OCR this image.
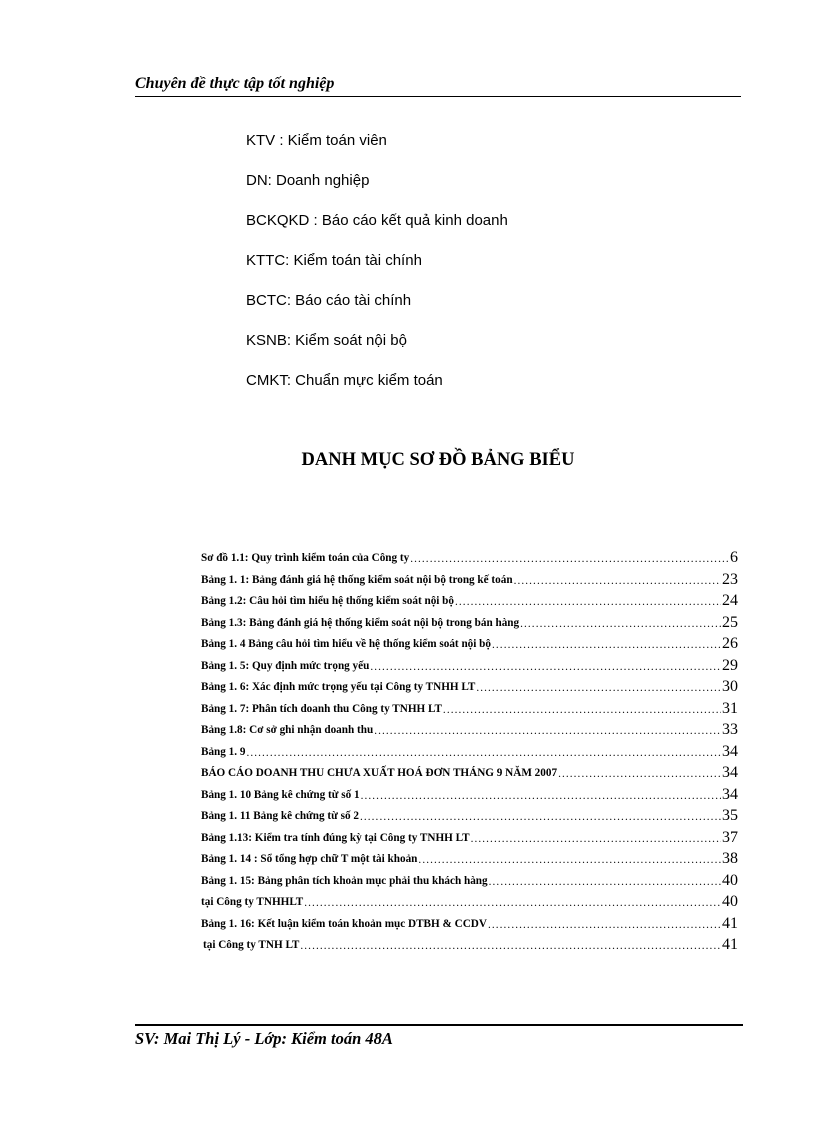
Chuyên đề thực tập tốt nghiệp
KTV : Kiểm toán viên
DN: Doanh nghiệp
BCKQKD : Báo cáo kết quả kinh doanh
KTTC: Kiểm toán tài chính
BCTC: Báo cáo tài chính
KSNB: Kiểm soát nội bộ
CMKT: Chuẩn mực kiểm toán
DANH MỤC SƠ ĐỒ BẢNG BIỂU
Sơ đồ 1.1: Quy trình kiểm toán của Công ty .....	6
Bảng 1. 1: Bảng đánh giá hệ thống kiểm soát nội bộ trong kế toán .....	23
Bảng 1.2: Câu hỏi tìm hiểu hệ thống kiểm soát nội bộ .....	24
Bảng 1.3: Bảng đánh giá hệ thống kiểm soát nội bộ trong bán hàng .....	25
Bảng 1. 4 Bảng câu hỏi tìm hiểu về hệ thống kiểm soát nội bộ .....	26
Bảng 1. 5: Quy định mức trọng yếu .....	29
Bảng 1. 6: Xác định mức trọng yếu tại Công ty TNHH LT .....	30
Bảng 1. 7: Phân tích doanh thu Công ty TNHH LT .....	31
Bảng 1.8: Cơ sở ghi nhận doanh thu .....	33
Bảng 1. 9 .....	34
BÁO CÁO DOANH THU CHƯA XUẤT HOÁ ĐƠN THÁNG 9 NĂM 2007 .....	34
Bảng 1. 10 Bảng kê chứng từ số 1 .....	34
Bảng 1. 11 Bảng kê chứng từ số 2 .....	35
Bảng 1.13: Kiểm tra tính đúng kỳ tại Công ty TNHH LT .....	37
Bảng 1. 14 : Sổ tổng hợp chữ T một tài khoản .....	38
Bảng 1. 15: Bảng phân tích khoản mục phải thu khách hàng .....	40
tại Công ty TNHHLT .....	40
Bảng 1. 16: Kết luận kiểm toán khoản mục DTBH & CCDV .....	41
tại Công ty TNH LT .....	41
SV: Mai Thị Lý - Lớp: Kiểm toán 48A
